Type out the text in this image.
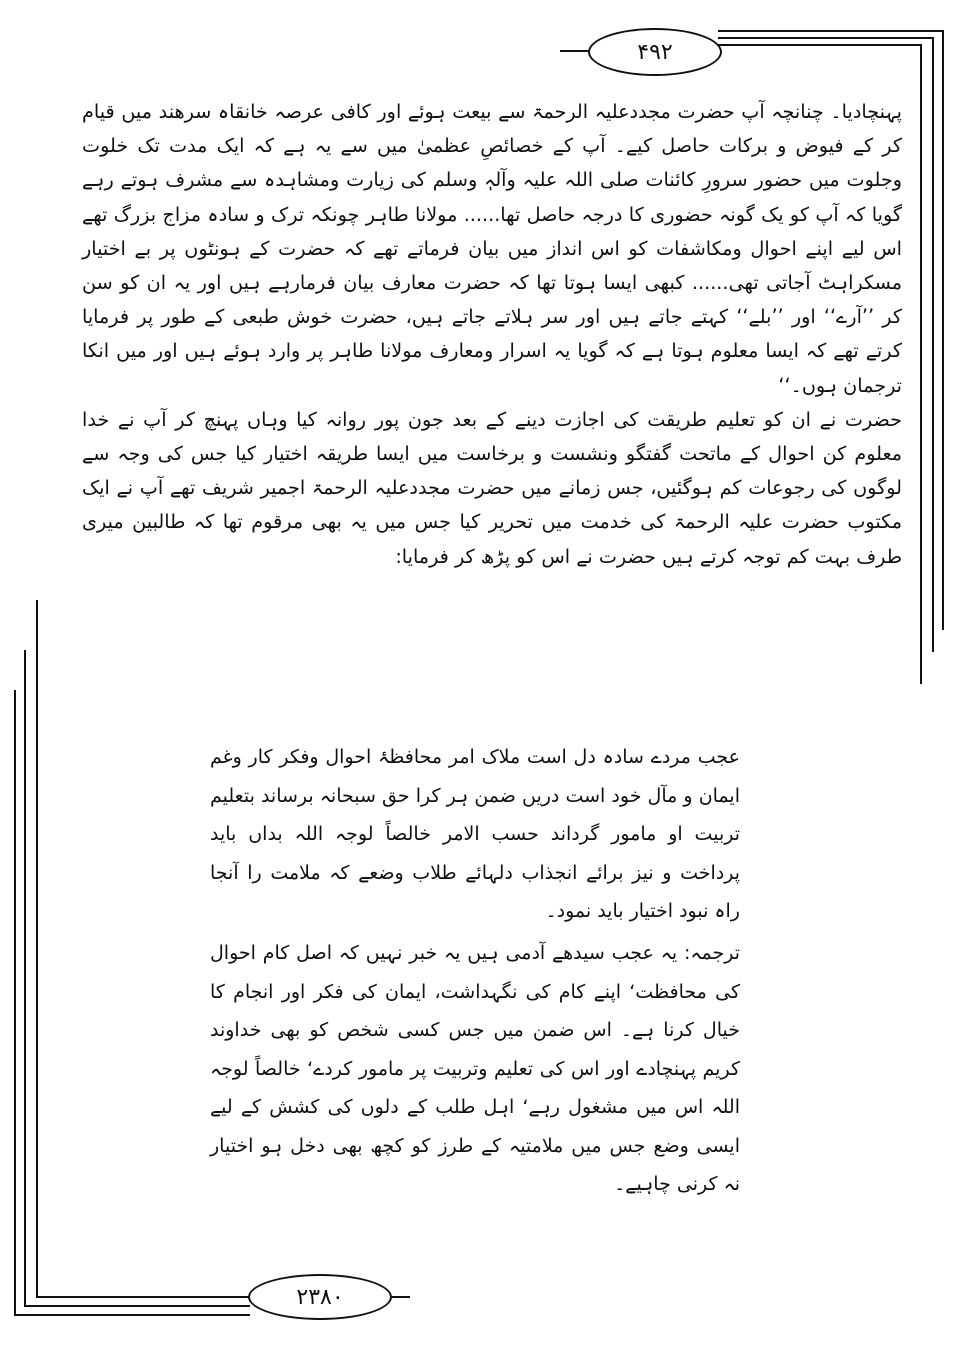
۴۹۲
۲۳۸۰

پہنچادیا۔ چنانچہ آپ حضرت مجددعلیہ الرحمۃ سے بیعت ہوئے اور کافی عرصہ خانقاہ سرھند میں قیام کر کے فیوض و برکات حاصل کیے۔ آپ کے خصائصِ عظمیٰ میں سے یہ ہے کہ ایک مدت تک خلوت وجلوت میں حضور سرورِ کائنات صلی اللہ علیہ وآلہٖ وسلم کی زیارت ومشاہدہ سے مشرف ہوتے رہے گویا کہ آپ کو یک گونہ حضوری کا درجہ حاصل تھا...... مولانا طاہر چونکہ ترک و سادہ مزاج بزرگ تھے اس لیے اپنے احوال ومکاشفات کو اس انداز میں بیان فرماتے تھے کہ حضرت کے ہونٹوں پر بے اختیار مسکراہٹ آجاتی تھی...... کبھی ایسا ہوتا تھا کہ حضرت معارف بیان فرمارہے ہیں اور یہ ان کو سن کر ’’آرے‘‘ اور ’’بلے‘‘ کہتے جاتے ہیں اور سر ہلاتے جاتے ہیں، حضرت خوش طبعی کے طور پر فرمایا کرتے تھے کہ ایسا معلوم ہوتا ہے کہ گویا یہ اسرار ومعارف مولانا طاہر پر وارد ہوئے ہیں اور میں انکا ترجمان ہوں۔‘‘

حضرت نے ان کو تعلیم طریقت کی اجازت دینے کے بعد جون پور روانہ کیا وہاں پہنچ کر آپ نے خدا معلوم کن احوال کے ماتحت گفتگو ونشست و برخاست میں ایسا طریقہ اختیار کیا جس کی وجہ سے لوگوں کی رجوعات کم ہوگئیں، جس زمانے میں حضرت مجددعلیہ الرحمۃ اجمیر شریف تھے آپ نے ایک مکتوب حضرت علیہ الرحمۃ کی خدمت میں تحریر کیا جس میں یہ بھی مرقوم تھا کہ طالبین میری طرف بہت کم توجہ کرتے ہیں حضرت نے اس کو پڑھ کر فرمایا:

عجب مردے سادہ دل است ملاک امر محافظۂ احوال وفکر کار وغم ایمان و مآل خود است دریں ضمن ہر کرا حق سبحانہ برساند بتعلیم تربیت او مامور گرداند حسب الامر خالصاً لوجہ اللہ بداں باید پرداخت و نیز برائے انجذاب دلہائے طلاب وضعے کہ ملامت را آنجا راہ نبود اختیار باید نمود۔

ترجمہ: یہ عجب سیدھے آدمی ہیں یہ خبر نہیں کہ اصل کام احوال کی محافظت‘ اپنے کام کی نگہداشت، ایمان کی فکر اور انجام کا خیال کرنا ہے۔ اس ضمن میں جس کسی شخص کو بھی خداوند کریم پہنچادے اور اس کی تعلیم وتربیت پر مامور کردے‘ خالصاً لوجہ اللہ اس میں مشغول رہے‘ اہل طلب کے دلوں کی کشش کے لیے ایسی وضع جس میں ملامتیہ کے طرز کو کچھ بھی دخل ہو اختیار نہ کرنی چاہیے۔
